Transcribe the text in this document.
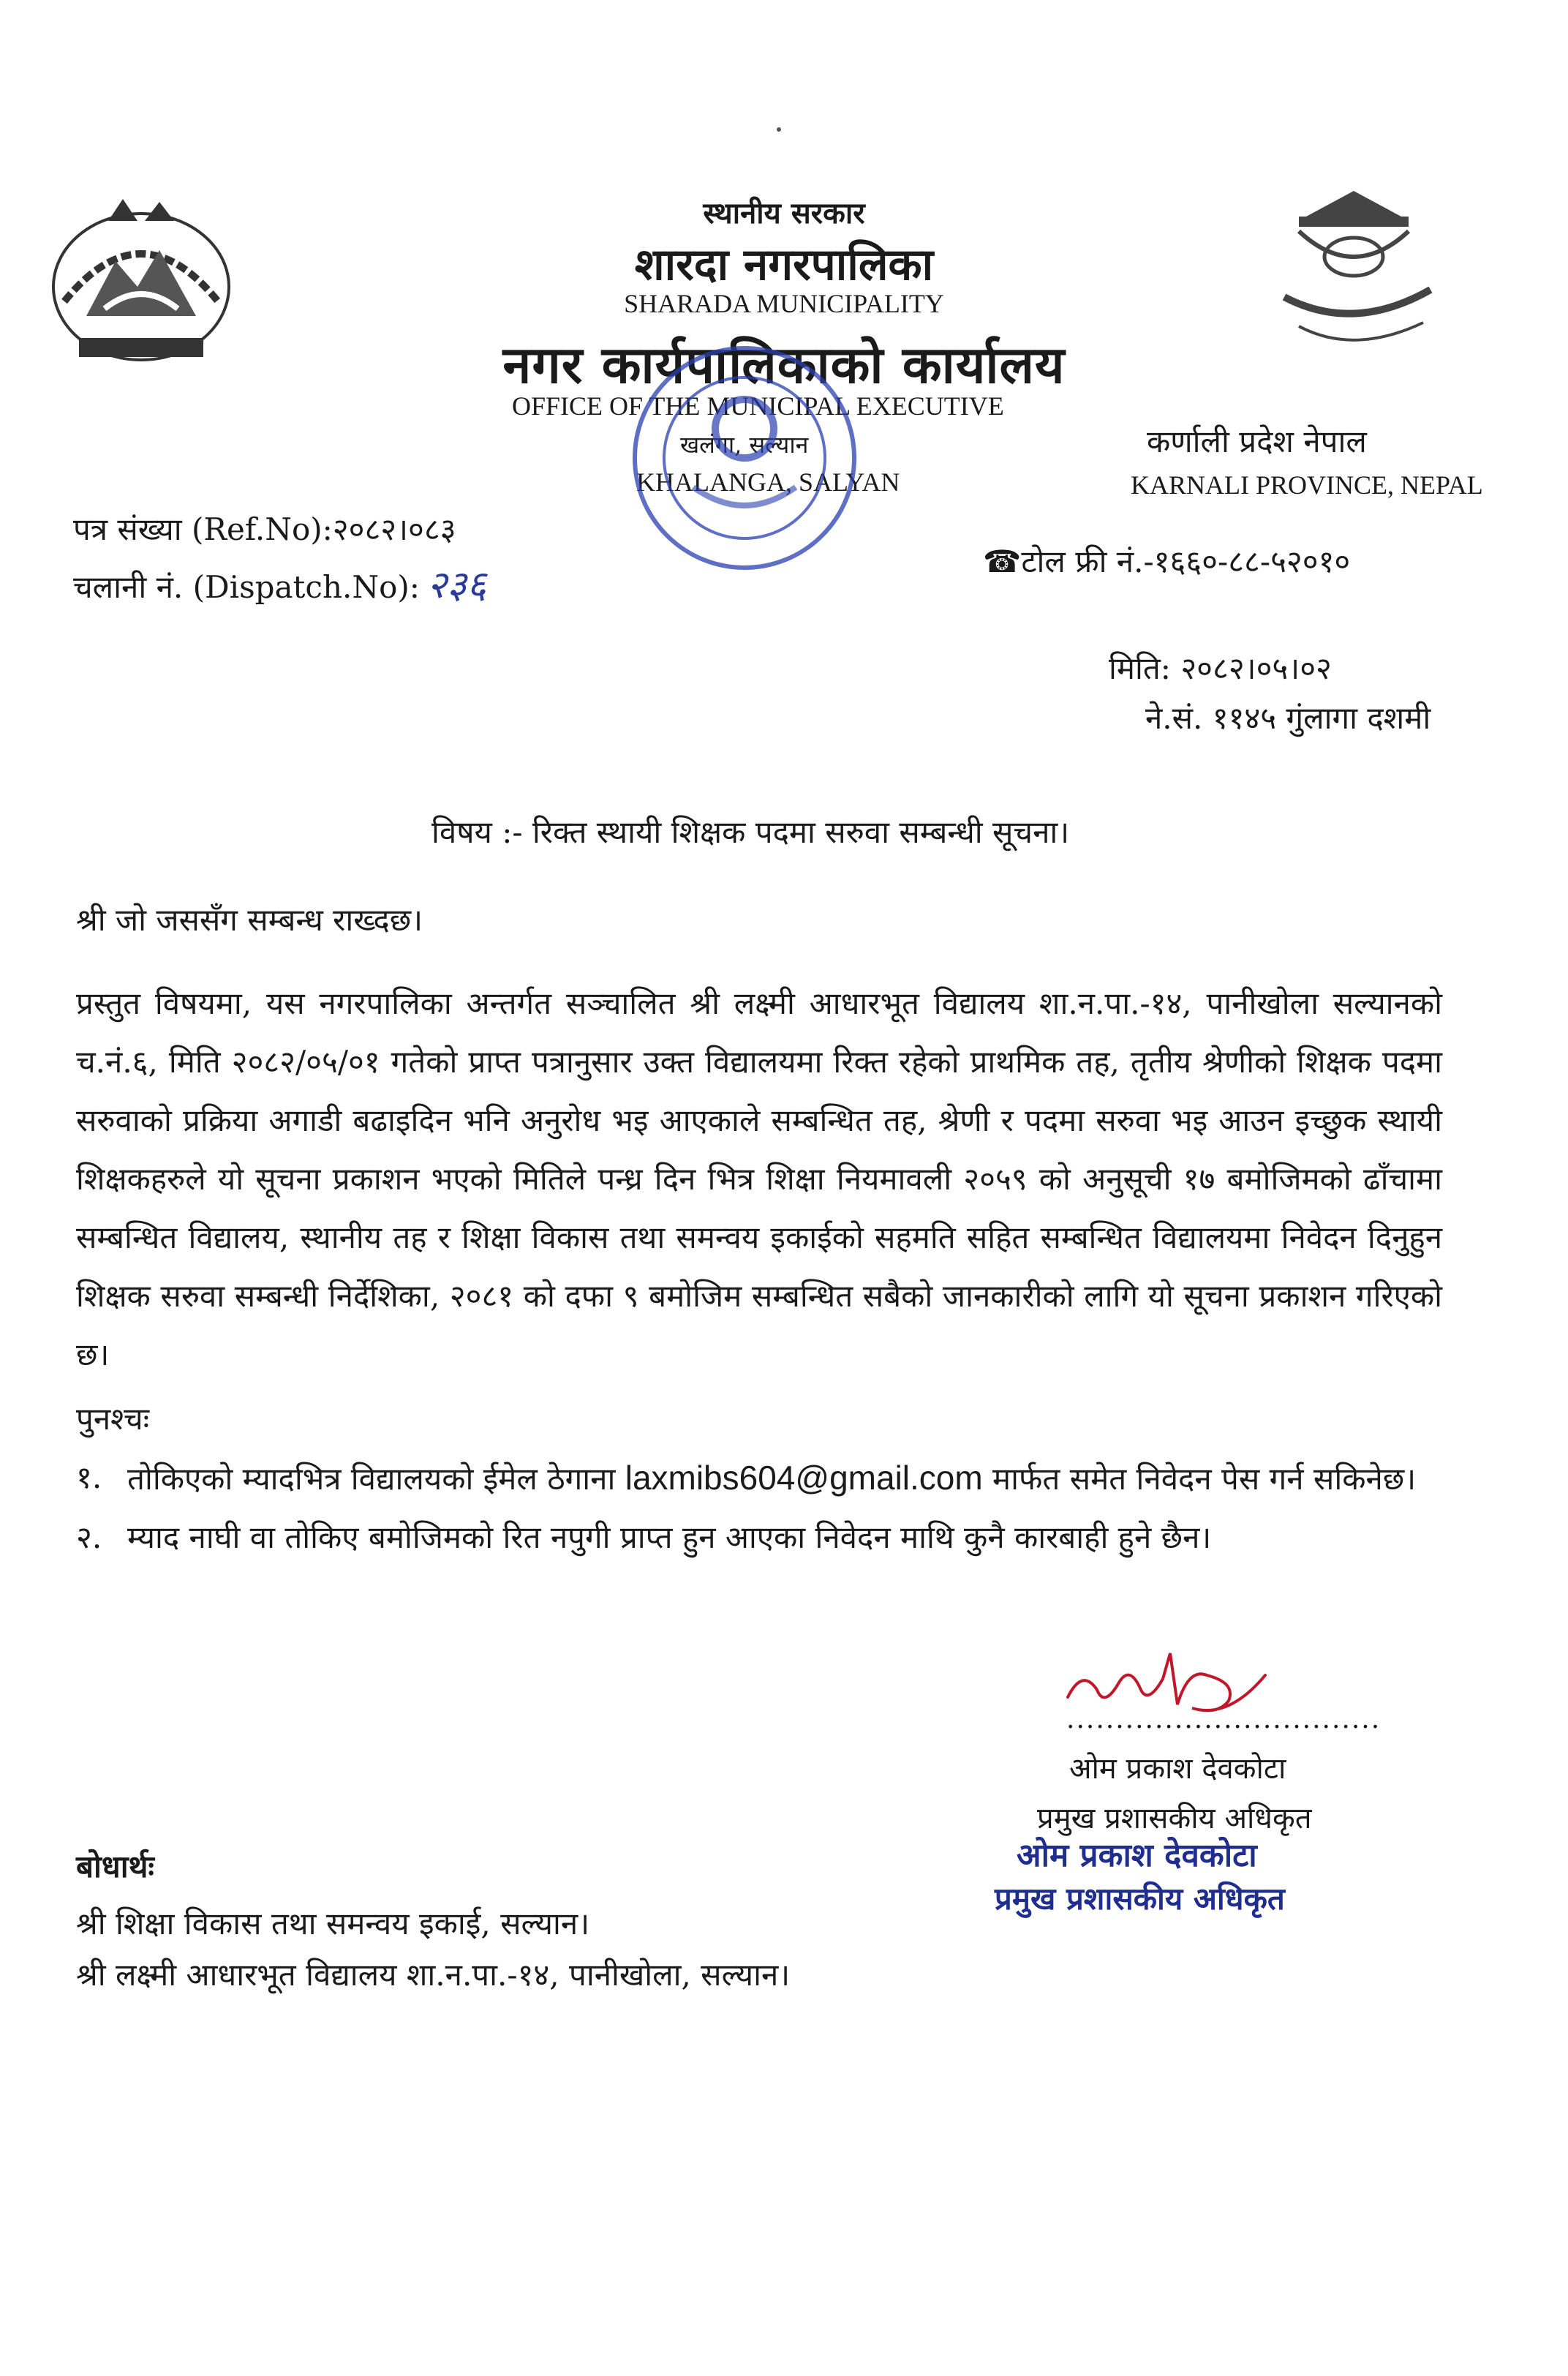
स्थानीय सरकार
शारदा नगरपालिका
SHARADA MUNICIPALITY
नगर कार्यपालिकाको कार्यालय
OFFICE OF THE MUNICIPAL EXECUTIVE
खलंगा, सल्यान
KHALANGA, SALYAN
कर्णाली प्रदेश नेपाल
KARNALI PROVINCE, NEPAL
पत्र संख्या (Ref.No):२०८२।०८३
चलानी नं. (Dispatch.No): २३६
☎टोल फ्री नं.-१६६०-८८-५२०१०
मिति: २०८२।०५।०२
ने.सं. ११४५ गुंलागा दशमी
विषय :- रिक्त स्थायी शिक्षक पदमा सरुवा सम्बन्धी सूचना।
श्री जो जससँग सम्बन्ध राख्दछ।
प्रस्तुत विषयमा, यस नगरपालिका अन्तर्गत सञ्चालित श्री लक्ष्मी आधारभूत विद्यालय शा.न.पा.-१४, पानीखोला सल्यानको च.नं.६, मिति २०८२/०५/०१ गतेको प्राप्त पत्रानुसार उक्त विद्यालयमा रिक्त रहेको प्राथमिक तह, तृतीय श्रेणीको शिक्षक पदमा सरुवाको प्रक्रिया अगाडी बढाइदिन भनि अनुरोध भइ आएकाले सम्बन्धित तह, श्रेणी र पदमा सरुवा भइ आउन इच्छुक स्थायी शिक्षकहरुले यो सूचना प्रकाशन भएको मितिले पन्ध्र दिन भित्र शिक्षा नियमावली २०५९ को अनुसूची १७ बमोजिमको ढाँचामा सम्बन्धित विद्यालय, स्थानीय तह र शिक्षा विकास तथा समन्वय इकाईको सहमति सहित सम्बन्धित विद्यालयमा निवेदन दिनुहुन शिक्षक सरुवा सम्बन्धी निर्देशिका, २०८१ को दफा ९ बमोजिम सम्बन्धित सबैको जानकारीको लागि यो सूचना प्रकाशन गरिएको छ।
पुनश्चः
१. तोकिएको म्यादभित्र विद्यालयको ईमेल ठेगाना laxmibs604@gmail.com मार्फत समेत निवेदन पेस गर्न सकिनेछ।
२. म्याद नाघी वा तोकिए बमोजिमको रित नपुगी प्राप्त हुन आएका निवेदन माथि कुनै कारबाही हुने छैन।
................................
ओम प्रकाश देवकोटा
प्रमुख प्रशासकीय अधिकृत
ओम प्रकाश देवकोटा
प्रमुख प्रशासकीय अधिकृत
बोधार्थः
श्री शिक्षा विकास तथा समन्वय इकाई, सल्यान।
श्री लक्ष्मी आधारभूत विद्यालय शा.न.पा.-१४, पानीखोला, सल्यान।
